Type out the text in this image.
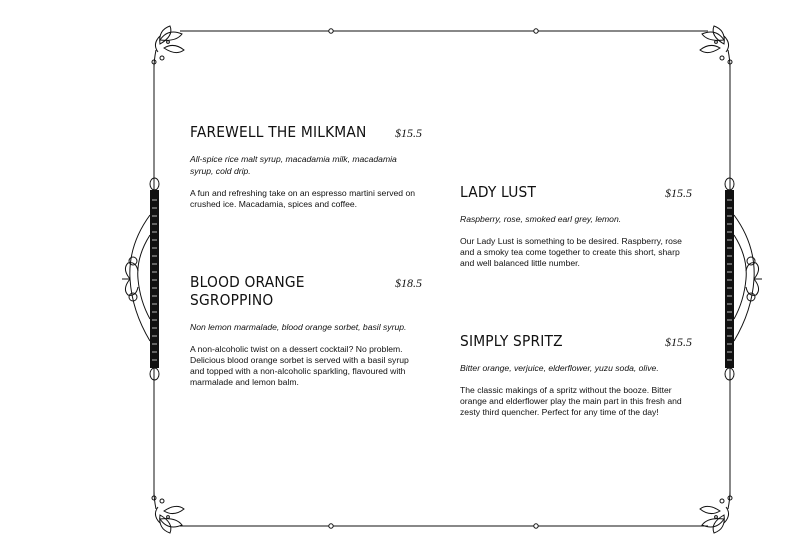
FAREWELL THE MILKMAN $15.5
All-spice rice malt syrup, macadamia milk, macadamia syrup, cold drip.
A fun and refreshing take on an espresso martini served on crushed ice. Macadamia, spices and coffee.
BLOOD ORANGE SGROPPINO
$18.5
Non lemon marmalade, blood orange sorbet, basil syrup.
A non-alcoholic twist on a dessert cocktail? No problem. Delicious blood orange sorbet is served with a basil syrup and topped with a non-alcoholic sparkling, flavoured with marmalade and lemon balm.
LADY LUST	$15.5
Raspberry, rose, smoked earl grey, lemon.
Our Lady Lust is something to be desired. Raspberry, rose and a smoky tea come together to create this short, sharp and well balanced little number.
SIMPLY SPRITZ	$15.5
Bitter orange, verjuice, elderflower, yuzu soda, olive.
The classic makings of a spritz without the booze. Bitter orange and elderflower play the main part in this fresh and zesty third quencher. Perfect for any time of the day!
